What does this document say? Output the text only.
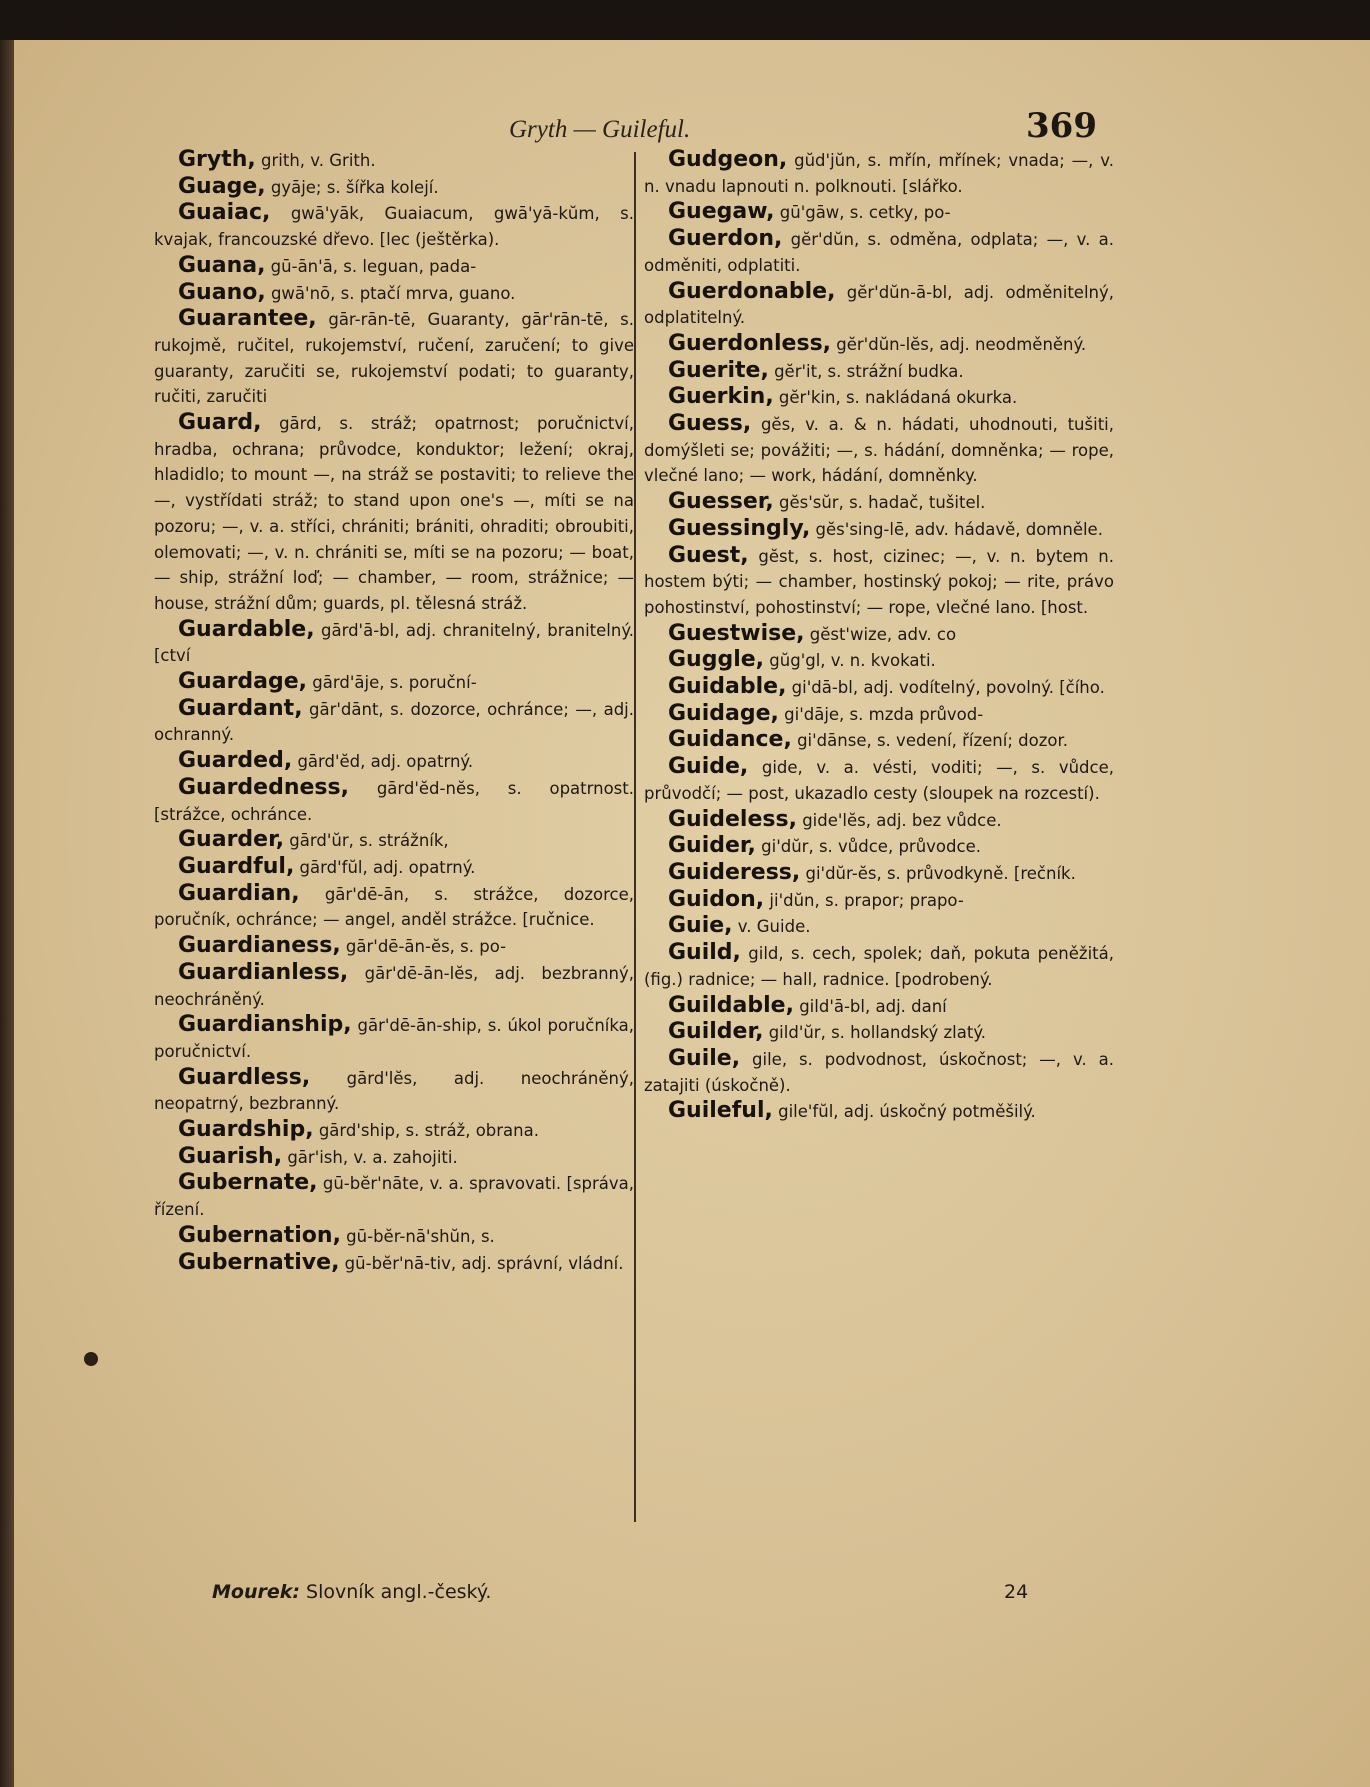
Gryth — Guileful.	369

Gryth, grith, v. Grith.

Guage, gyāje; s. šířka kolejí.

Guaiac, gwā'yāk, Guaiacum, gwā'yā-kŭm, s. kvajak, francouzské dřevo. [lec (ještěrka).

Guana, gū-ān'ā, s. leguan, pada-

Guano, gwā'nō, s. ptačí mrva, guano.

Guarantee, gār-rān-tē, Guaranty, gār'rān-tē, s. rukojmě, ručitel, rukojemství, ručení, zaručení; to give guaranty, zaručiti se, rukojemství podati; to guaranty, ručiti, zaručiti

Guard, gārd, s. stráž; opatrnost; poručnictví, hradba, ochrana; průvodce, konduktor; ležení; okraj, hladidlo; to mount —, na stráž se postaviti; to relieve the —, vystřídati stráž; to stand upon one's —, míti se na pozoru; —, v. a. stříci, chrániti; brániti, ohraditi; obroubiti, olemovati; —, v. n. chrániti se, míti se na pozoru; — boat, — ship, strážní loď; — chamber, — room, strážnice; — house, strážní dům; guards, pl. tělesná stráž.

Guardable, gārd'ā-bl, adj. chranitelný, branitelný. [ctví

Guardage, gārd'āje, s. poruční-

Guardant, gār'dānt, s. dozorce, ochránce; —, adj. ochranný.

Guarded, gārd'ĕd, adj. opatrný.

Guardedness, gārd'ĕd-nĕs, s. opatrnost. [strážce, ochránce.

Guarder, gārd'ŭr, s. strážník,

Guardful, gārd'fŭl, adj. opatrný.

Guardian, gār'dē-ān, s. strážce, dozorce, poručník, ochránce; — angel, anděl strážce. [ručnice.

Guardianess, gār'dē-ān-ĕs, s. po-

Guardianless, gār'dē-ān-lĕs, adj. bezbranný, neochráněný.

Guardianship, gār'dē-ān-ship, s. úkol poručníka, poručnictví.

Guardless, gārd'lĕs, adj. neochráněný, neopatrný, bezbranný.

Guardship, gārd'ship, s. stráž, obrana.

Guarish, gār'ish, v. a. zahojiti.

Gubernate, gū-bĕr'nāte, v. a. spravovati. [správa, řízení.

Gubernation, gū-bĕr-nā'shŭn, s.

Gubernative, gū-bĕr'nā-tiv, adj. správní, vládní.

Gudgeon, gŭd'jŭn, s. mřín, mřínek; vnada; —, v. n. vnadu lapnouti n. polknouti. [slářko.

Guegaw, gū'gāw, s. cetky, po-

Guerdon, gĕr'dŭn, s. odměna, odplata; —, v. a. odměniti, odplatiti.

Guerdonable, gĕr'dŭn-ā-bl, adj. odměnitelný, odplatitelný.

Guerdonless, gĕr'dŭn-lĕs, adj. neodměněný.

Guerite, gĕr'it, s. strážní budka.

Guerkin, gĕr'kin, s. nakládaná okurka.

Guess, gĕs, v. a. & n. hádati, uhodnouti, tušiti, domýšleti se; povážiti; —, s. hádání, domněnka; — rope, vlečné lano; — work, hádání, domněnky.

Guesser, gĕs'sŭr, s. hadač, tušitel.

Guessingly, gĕs'sing-lē, adv. hádavě, domněle.

Guest, gĕst, s. host, cizinec; —, v. n. bytem n. hostem býti; — chamber, hostinský pokoj; — rite, právo pohostinství, pohostinství; — rope, vlečné lano. [host.

Guestwise, gĕst'wize, adv. co

Guggle, gŭg'gl, v. n. kvokati.

Guidable, gi'dā-bl, adj. vodítelný, povolný. [čího.

Guidage, gi'dāje, s. mzda průvod-

Guidance, gi'dānse, s. vedení, řízení; dozor.

Guide, gide, v. a. vésti, voditi; —, s. vůdce, průvodčí; — post, ukazadlo cesty (sloupek na rozcestí).

Guideless, gide'lĕs, adj. bez vůdce.

Guider, gi'dŭr, s. vůdce, průvodce.

Guideress, gi'dŭr-ĕs, s. průvodkyně. [rečník.

Guidon, ji'dŭn, s. prapor; prapo-

Guie, v. Guide.

Guild, gild, s. cech, spolek; daň, pokuta peněžitá, (fig.) radnice; — hall, radnice. [podrobený.

Guildable, gild'ā-bl, adj. daní

Guilder, gild'ŭr, s. hollandský zlatý.

Guile, gile, s. podvodnost, úskočnost; —, v. a. zatajiti (úskočně).

Guileful, gile'fŭl, adj. úskočný potměšilý.

Mourek: Slovník angl.-český.	24
